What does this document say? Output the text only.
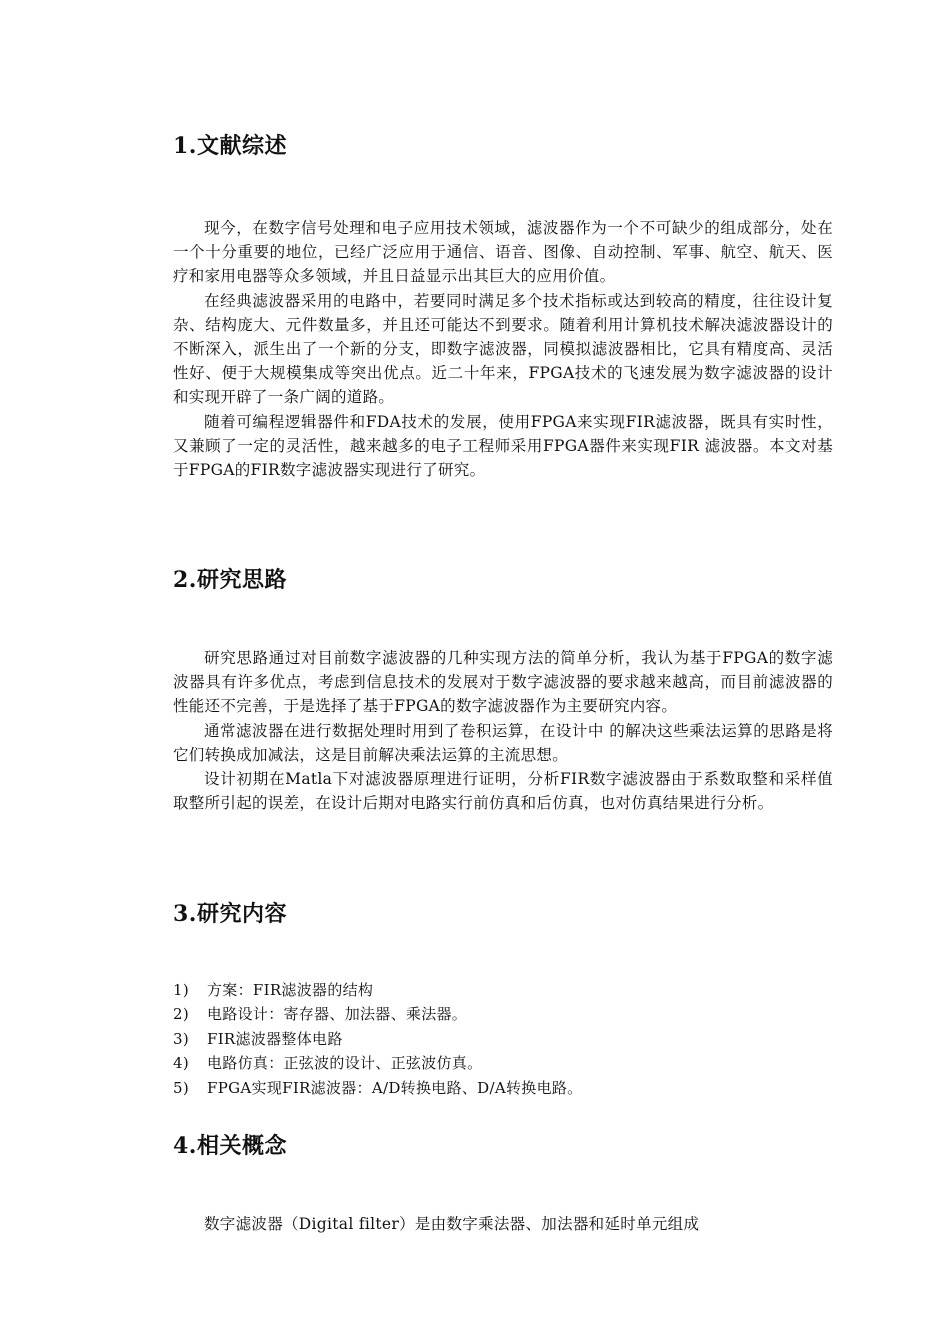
1.文献综述

现今，在数字信号处理和电子应用技术领域，滤波器作为一个不可缺少的组成部分，处在一个十分重要的地位，已经广泛应用于通信、语音、图像、自动控制、军事、航空、航天、医疗和家用电器等众多领域，并且日益显示出其巨大的应用价值。

在经典滤波器采用的电路中，若要同时满足多个技术指标或达到较高的精度，往往设计复杂、结构庞大、元件数量多，并且还可能达不到要求。随着利用计算机技术解决滤波器设计的不断深入，派生出了一个新的分支，即数字滤波器，同模拟滤波器相比，它具有精度高、灵活性好、便于大规模集成等突出优点。近二十年来，FPGA技术的飞速发展为数字滤波器的设计和实现开辟了一条广阔的道路。

随着可编程逻辑器件和FDA技术的发展，使用FPGA来实现FIR滤波器，既具有实时性，又兼顾了一定的灵活性，越来越多的电子工程师采用FPGA器件来实现FIR 滤波器。本文对基于FPGA的FIR数字滤波器实现进行了研究。

2.研究思路

研究思路通过对目前数字滤波器的几种实现方法的简单分析，我认为基于FPGA的数字滤波器具有许多优点，考虑到信息技术的发展对于数字滤波器的要求越来越高，而目前滤波器的性能还不完善，于是选择了基于FPGA的数字滤波器作为主要研究内容。

通常滤波器在进行数据处理时用到了卷积运算，在设计中 的解决这些乘法运算的思路是将它们转换成加减法，这是目前解决乘法运算的主流思想。

设计初期在Matla下对滤波器原理进行证明，分析FIR数字滤波器由于系数取整和采样值取整所引起的误差，在设计后期对电路实行前仿真和后仿真，也对仿真结果进行分析。

3.研究内容
1) 方案：FIR滤波器的结构
2) 电路设计：寄存器、加法器、乘法器。
3) FIR滤波器整体电路
4) 电路仿真：正弦波的设计、正弦波仿真。
5) FPGA实现FIR滤波器：A/D转换电路、D/A转换电路。
4.相关概念

数字滤波器（Digital filter）是由数字乘法器、加法器和延时单元组成
